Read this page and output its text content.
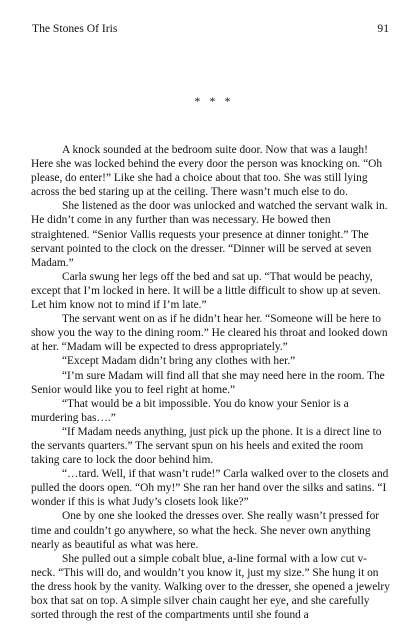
The Stones Of Iris	91
* * *

A knock sounded at the bedroom suite door. Now that was a laugh! Here she was locked behind the every door the person was knocking on. “Oh please, do enter!” Like she had a choice about that too. She was still lying across the bed staring up at the ceiling. There wasn’t much else to do.

She listened as the door was unlocked and watched the servant walk in. He didn’t come in any further than was necessary. He bowed then straightened. “Senior Vallis requests your presence at dinner tonight.” The servant pointed to the clock on the dresser. “Dinner will be served at seven Madam.”

Carla swung her legs off the bed and sat up. “That would be peachy, except that I’m locked in here. It will be a little difficult to show up at seven. Let him know not to mind if I’m late.”

The servant went on as if he didn’t hear her. “Someone will be here to show you the way to the dining room.” He cleared his throat and looked down at her. “Madam will be expected to dress appropriately.”

“Except Madam didn’t bring any clothes with her.”

“I’m sure Madam will find all that she may need here in the room. The Senior would like you to feel right at home.”

“That would be a bit impossible. You do know your Senior is a murdering bas….”

“If Madam needs anything, just pick up the phone. It is a direct line to the servants quarters.” The servant spun on his heels and exited the room taking care to lock the door behind him.

“…tard. Well, if that wasn’t rude!” Carla walked over to the closets and pulled the doors open. “Oh my!” She ran her hand over the silks and satins. “I wonder if this is what Judy’s closets look like?”

One by one she looked the dresses over. She really wasn’t pressed for time and couldn’t go anywhere, so what the heck. She never own anything nearly as beautiful as what was here.

She pulled out a simple cobalt blue, a-line formal with a low cut v-neck. “This will do, and wouldn’t you know it, just my size.” She hung it on the dress hook by the vanity. Walking over to the dresser, she opened a jewelry box that sat on top. A simple silver chain caught her eye, and she carefully sorted through the rest of the compartments until she found a
